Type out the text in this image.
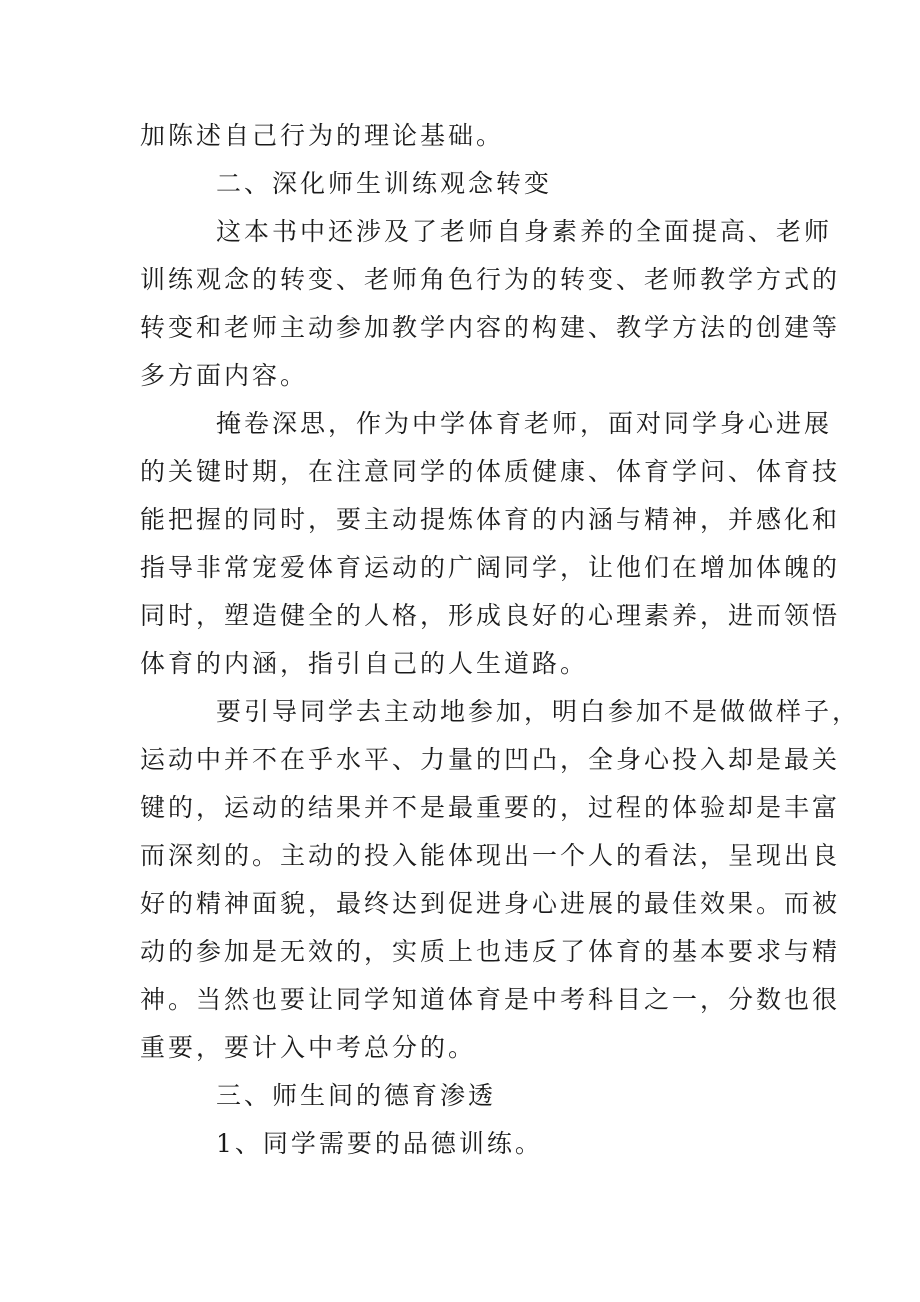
加陈述自己行为的理论基础。
二、深化师生训练观念转变
这本书中还涉及了老师自身素养的全面提高、老师
训练观念的转变、老师角色行为的转变、老师教学方式的
转变和老师主动参加教学内容的构建、教学方法的创建等
多方面内容。
掩卷深思，作为中学体育老师，面对同学身心进展
的关键时期，在注意同学的体质健康、体育学问、体育技
能把握的同时，要主动提炼体育的内涵与精神，并感化和
指导非常宠爱体育运动的广阔同学，让他们在增加体魄的
同时，塑造健全的人格，形成良好的心理素养，进而领悟
体育的内涵，指引自己的人生道路。
要引导同学去主动地参加，明白参加不是做做样子，
运动中并不在乎水平、力量的凹凸，全身心投入却是最关
键的，运动的结果并不是最重要的，过程的体验却是丰富
而深刻的。主动的投入能体现出一个人的看法，呈现出良
好的精神面貌，最终达到促进身心进展的最佳效果。而被
动的参加是无效的，实质上也违反了体育的基本要求与精
神。当然也要让同学知道体育是中考科目之一，分数也很
重要，要计入中考总分的。
三、师生间的德育渗透
1、同学需要的品德训练。
